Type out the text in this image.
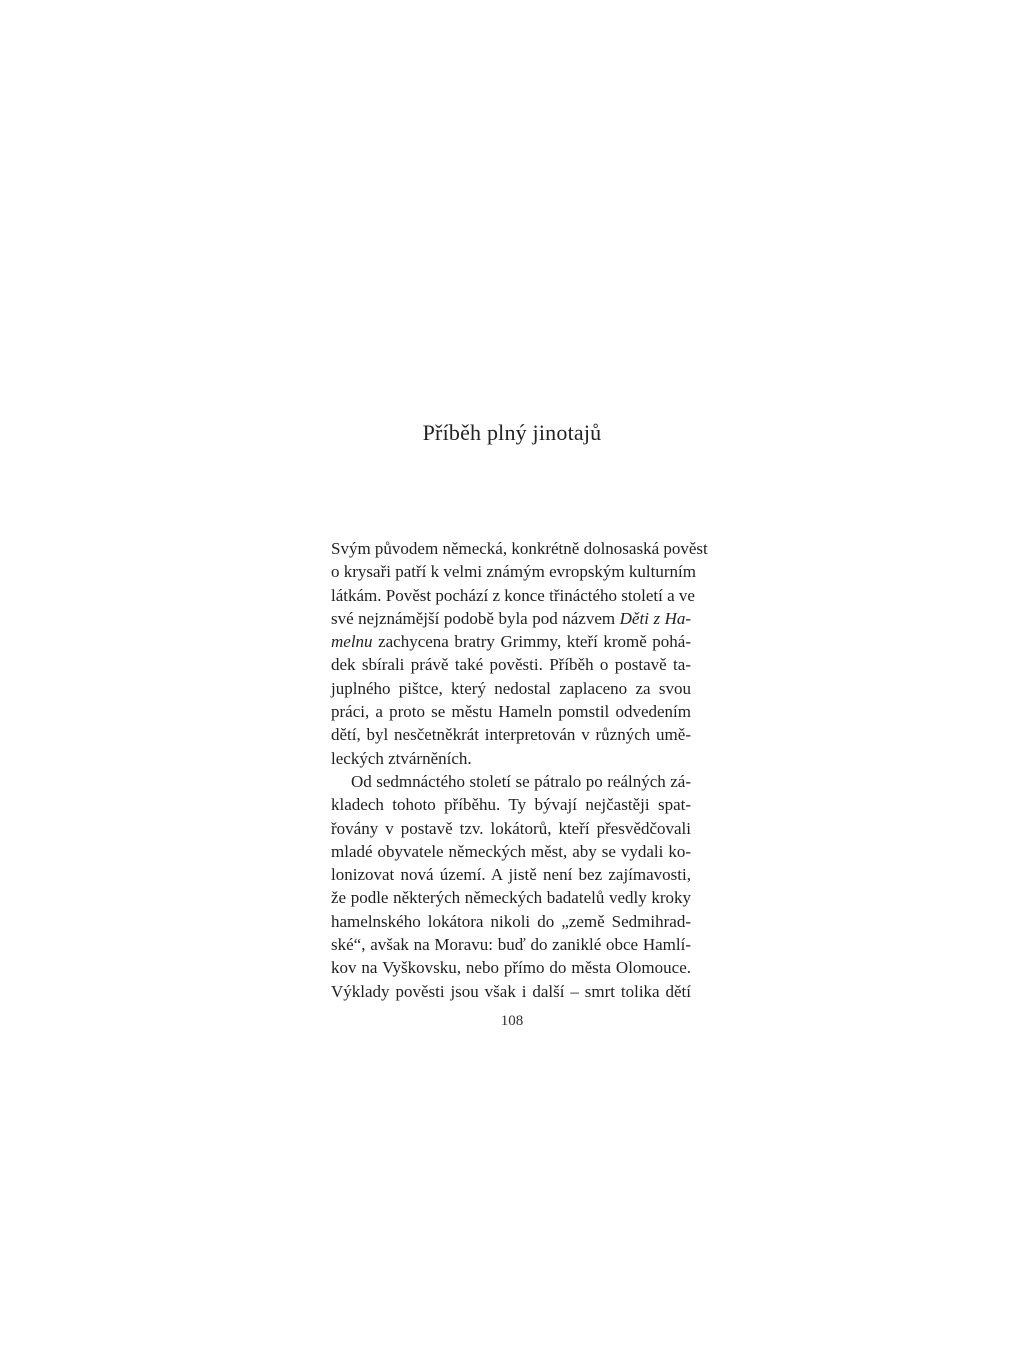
Příběh plný jinotajů
Svým původem německá, konkrétně dolnosaská pověst
o krysaři patří k velmi známým evropským kulturním
látkám. Pověst pochází z konce třináctého století a ve
své nejznámější podobě byla pod názvem Děti z Ha-
melnu zachycena bratry Grimmy, kteří kromě pohá-
dek sbírali právě také pověsti. Příběh o postavě ta-
juplného pištce, který nedostal zaplaceno za svou
práci, a proto se městu Hameln pomstil odvedením
dětí, byl nesčetněkrát interpretován v různých umě-
leckých ztvárněních.
Od sedmnáctého století se pátralo po reálných zá-
kladech tohoto příběhu. Ty bývají nejčastěji spat-
řovány v postavě tzv. lokátorů, kteří přesvědčovali
mladé obyvatele německých měst, aby se vydali ko-
lonizovat nová území. A jistě není bez zajímavosti,
že podle některých německých badatelů vedly kroky
hamelnského lokátora nikoli do „země Sedmihrad-
ské“, avšak na Moravu: buď do zaniklé obce Hamlí-
kov na Vyškovsku, nebo přímo do města Olomouce.
Výklady pověsti jsou však i další – smrt tolika dětí
108
